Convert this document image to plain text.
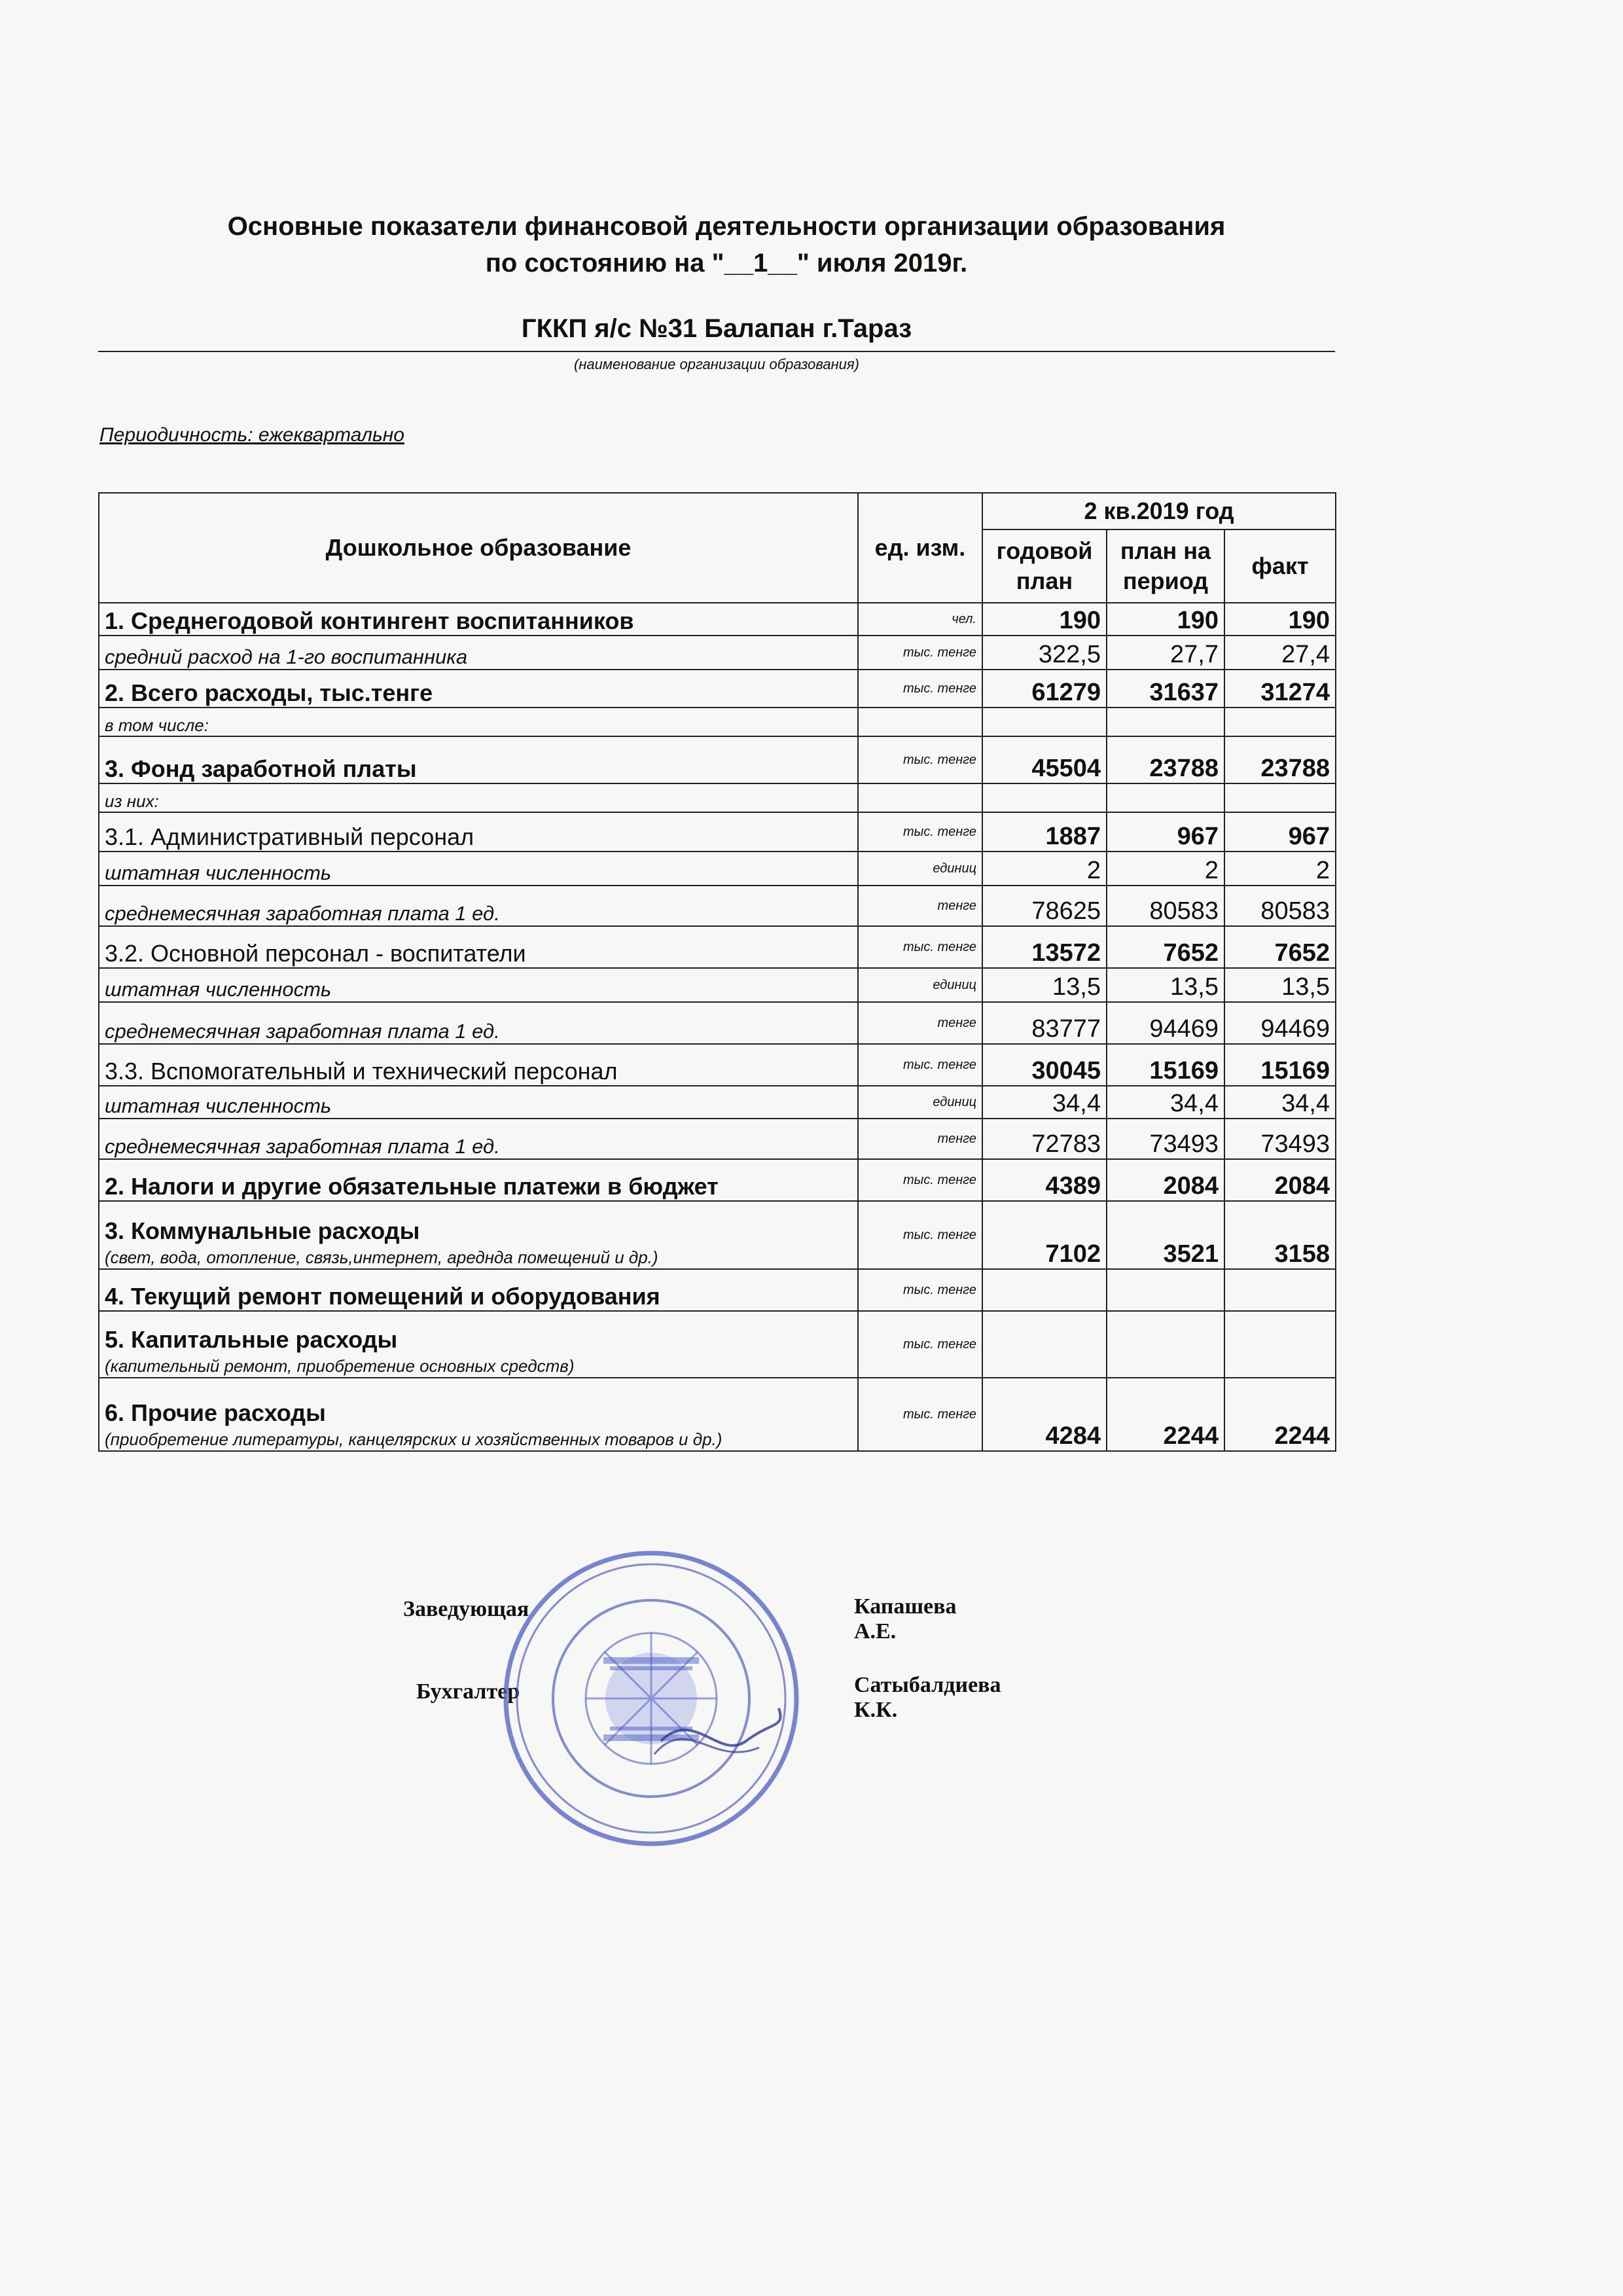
Основные показатели финансовой деятельности организации образования
по состоянию на "__1__" июля 2019г.
ГККП я/с №31 Балапан г.Тараз
(наименование организации образования)
Периодичность: ежеквартально
Дошкольное образование	ед. изм.	2 кв.2019 год		
		годовой план	план на период	факт
1. Среднегодовой контингент воспитанников	чел.	190	190	190
средний расход на 1-го воспитанника	тыс. тенге	322,5	27,7	27,4
2. Всего расходы, тыс.тенге	тыс. тенге	61279	31637	31274
в том числе:				
3. Фонд заработной платы	тыс. тенге	45504	23788	23788
из них:				
3.1. Административный персонал	тыс. тенге	1887	967	967
штатная численность	единиц	2	2	2
среднемесячная заработная плата 1 ед.	тенге	78625	80583	80583
3.2. Основной персонал - воспитатели	тыс. тенге	13572	7652	7652
штатная численность	единиц	13,5	13,5	13,5
среднемесячная заработная плата 1 ед.	тенге	83777	94469	94469
3.3. Вспомогательный и технический персонал	тыс. тенге	30045	15169	15169
штатная численность	единиц	34,4	34,4	34,4
среднемесячная заработная плата 1 ед.	тенге	72783	73493	73493
2. Налоги и другие обязательные платежи в бюджет	тыс. тенге	4389	2084	2084

3. Коммунальные расходы
(свет, вода, отопление, связь,интернет, ареднда помещений и др.)	тыс. тенге	7102	3521	3158
4. Текущий ремонт помещений и оборудования	тыс. тенге			

5. Капитальные расходы
(капительный ремонт, приобретение основных средств)	тыс. тенге			

6. Прочие расходы
(приобретение литературы, канцелярских и хозяйственных товаров и др.)	тыс. тенге	4284	2244	2244
Заведующая	Капашева А.Е.
Бухгалтер	Сатыбалдиева К.К.
